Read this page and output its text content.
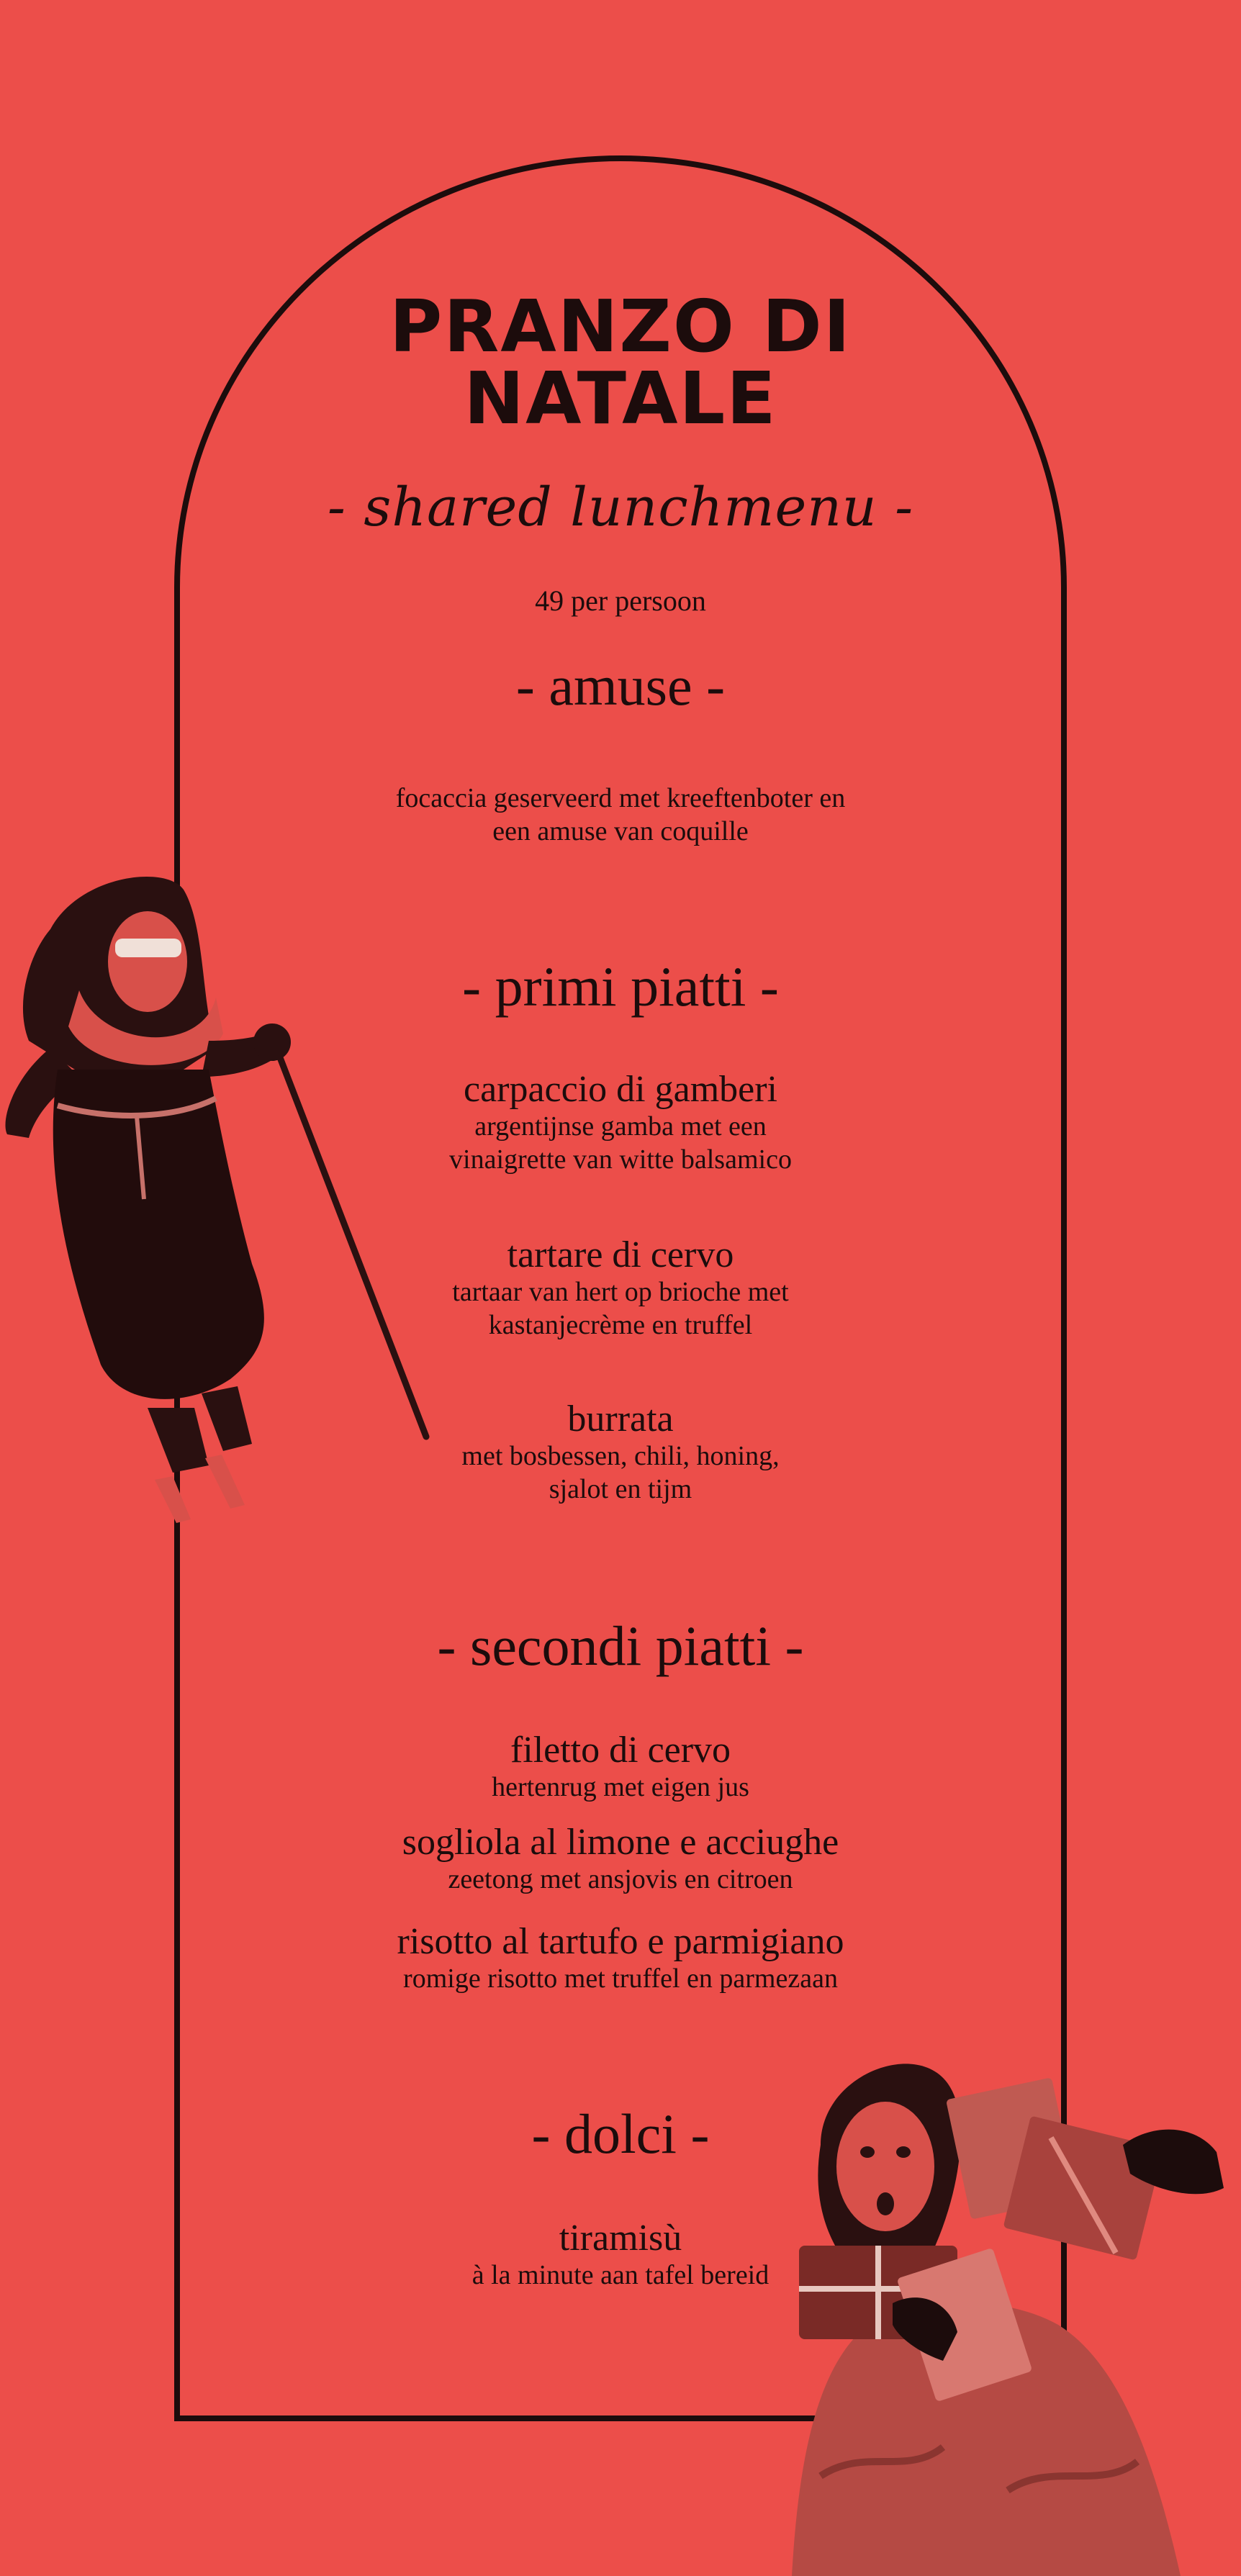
PRANZO DI
NATALE
- shared lunchmenu -
49 per persoon
- amuse -
focaccia geserveerd met kreeftenboter en
een amuse van coquille
- primi piatti -
carpaccio di gamberi
argentijnse gamba met een
vinaigrette van witte balsamico
tartare di cervo
tartaar van hert op brioche met
kastanjecrème en truffel
burrata
met bosbessen, chili, honing,
sjalot en tijm
- secondi piatti -
filetto di cervo
hertenrug met eigen jus
sogliola al limone e acciughe
zeetong met ansjovis en citroen
risotto al tartufo e parmigiano
romige risotto met truffel en parmezaan
- dolci -
tiramisù
à la minute aan tafel bereid
